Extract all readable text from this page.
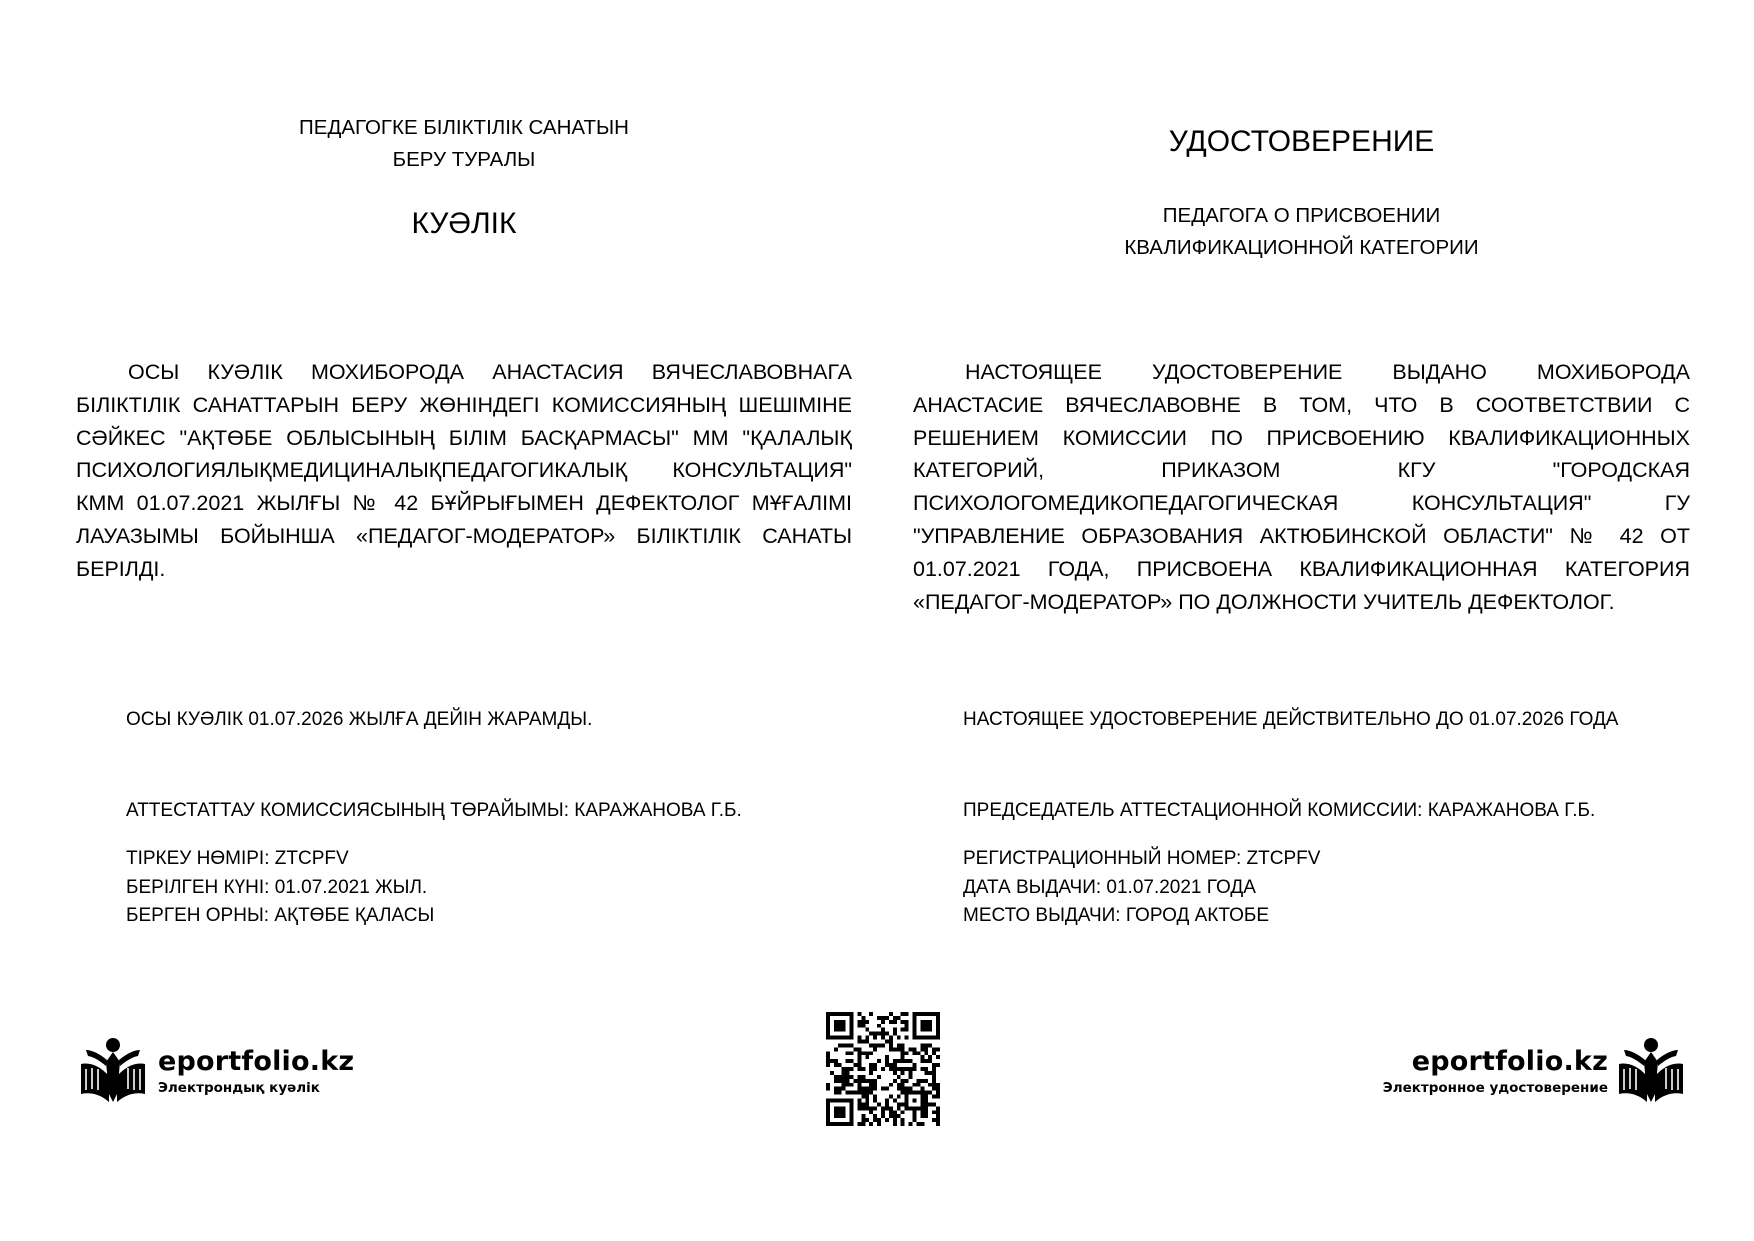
ПЕДАГОГКЕ БІЛІКТІЛІК САНАТЫН
БЕРУ ТУРАЛЫ
КУӘЛІК

ОСЫ КУӘЛІК МОХИБОРОДА АНАСТАСИЯ ВЯЧЕСЛАВОВНАГА БІЛІКТІЛІК САНАТТАРЫН БЕРУ ЖӨНІНДЕГІ КОМИССИЯНЫҢ ШЕШІМІНЕ СӘЙКЕС "АҚТӨБЕ ОБЛЫСЫНЫҢ БІЛІМ БАСҚАРМАСЫ" ММ "ҚАЛАЛЫҚ ПСИХОЛОГИЯЛЫҚМЕДИЦИНАЛЫҚПЕДАГОГИКАЛЫҚ КОНСУЛЬТАЦИЯ" КММ 01.07.2021 ЖЫЛҒЫ № 42 БҰЙРЫҒЫМЕН ДЕФЕКТОЛОГ МҰҒАЛІМІ ЛАУАЗЫМЫ БОЙЫНША «ПЕДАГОГ-МОДЕРАТОР» БІЛІКТІЛІК САНАТЫ БЕРІЛДІ.

ОСЫ КУӘЛІК 01.07.2026 ЖЫЛҒА ДЕЙІН ЖАРАМДЫ.
АТТЕСТАТТАУ КОМИССИЯСЫНЫҢ ТӨРАЙЫМЫ: КАРАЖАНОВА Г.Б.
ТІРКЕУ НӨМІРІ: ZTCPFV
БЕРІЛГЕН КҮНІ: 01.07.2021 ЖЫЛ.
БЕРГЕН ОРНЫ: АҚТӨБЕ ҚАЛАСЫ
УДОСТОВЕРЕНИЕ
ПЕДАГОГА О ПРИСВОЕНИИ
КВАЛИФИКАЦИОННОЙ КАТЕГОРИИ

НАСТОЯЩЕЕ УДОСТОВЕРЕНИЕ ВЫДАНО МОХИБОРОДА АНАСТАСИЕ ВЯЧЕСЛАВОВНЕ В ТОМ, ЧТО В СООТВЕТСТВИИ С РЕШЕНИЕМ КОМИССИИ ПО ПРИСВОЕНИЮ КВАЛИФИКАЦИОННЫХ КАТЕГОРИЙ, ПРИКАЗОМ КГУ "ГОРОДСКАЯ ПСИХОЛОГОМЕДИКОПЕДАГОГИЧЕСКАЯ КОНСУЛЬТАЦИЯ" ГУ "УПРАВЛЕНИЕ ОБРАЗОВАНИЯ АКТЮБИНСКОЙ ОБЛАСТИ" № 42 ОТ 01.07.2021 ГОДА, ПРИСВОЕНА КВАЛИФИКАЦИОННАЯ КАТЕГОРИЯ «ПЕДАГОГ-МОДЕРАТОР» ПО ДОЛЖНОСТИ УЧИТЕЛЬ ДЕФЕКТОЛОГ.

НАСТОЯЩЕЕ УДОСТОВЕРЕНИЕ ДЕЙСТВИТЕЛЬНО ДО 01.07.2026 ГОДА
ПРЕДСЕДАТЕЛЬ АТТЕСТАЦИОННОЙ КОМИССИИ: КАРАЖАНОВА Г.Б.
РЕГИСТРАЦИОННЫЙ НОМЕР: ZTCPFV
ДАТА ВЫДАЧИ: 01.07.2021 ГОДА
МЕСТО ВЫДАЧИ: ГОРОД АКТОБЕ
eportfolio.kz
Электрондық куәлік
eportfolio.kz
Электронное удостоверение
